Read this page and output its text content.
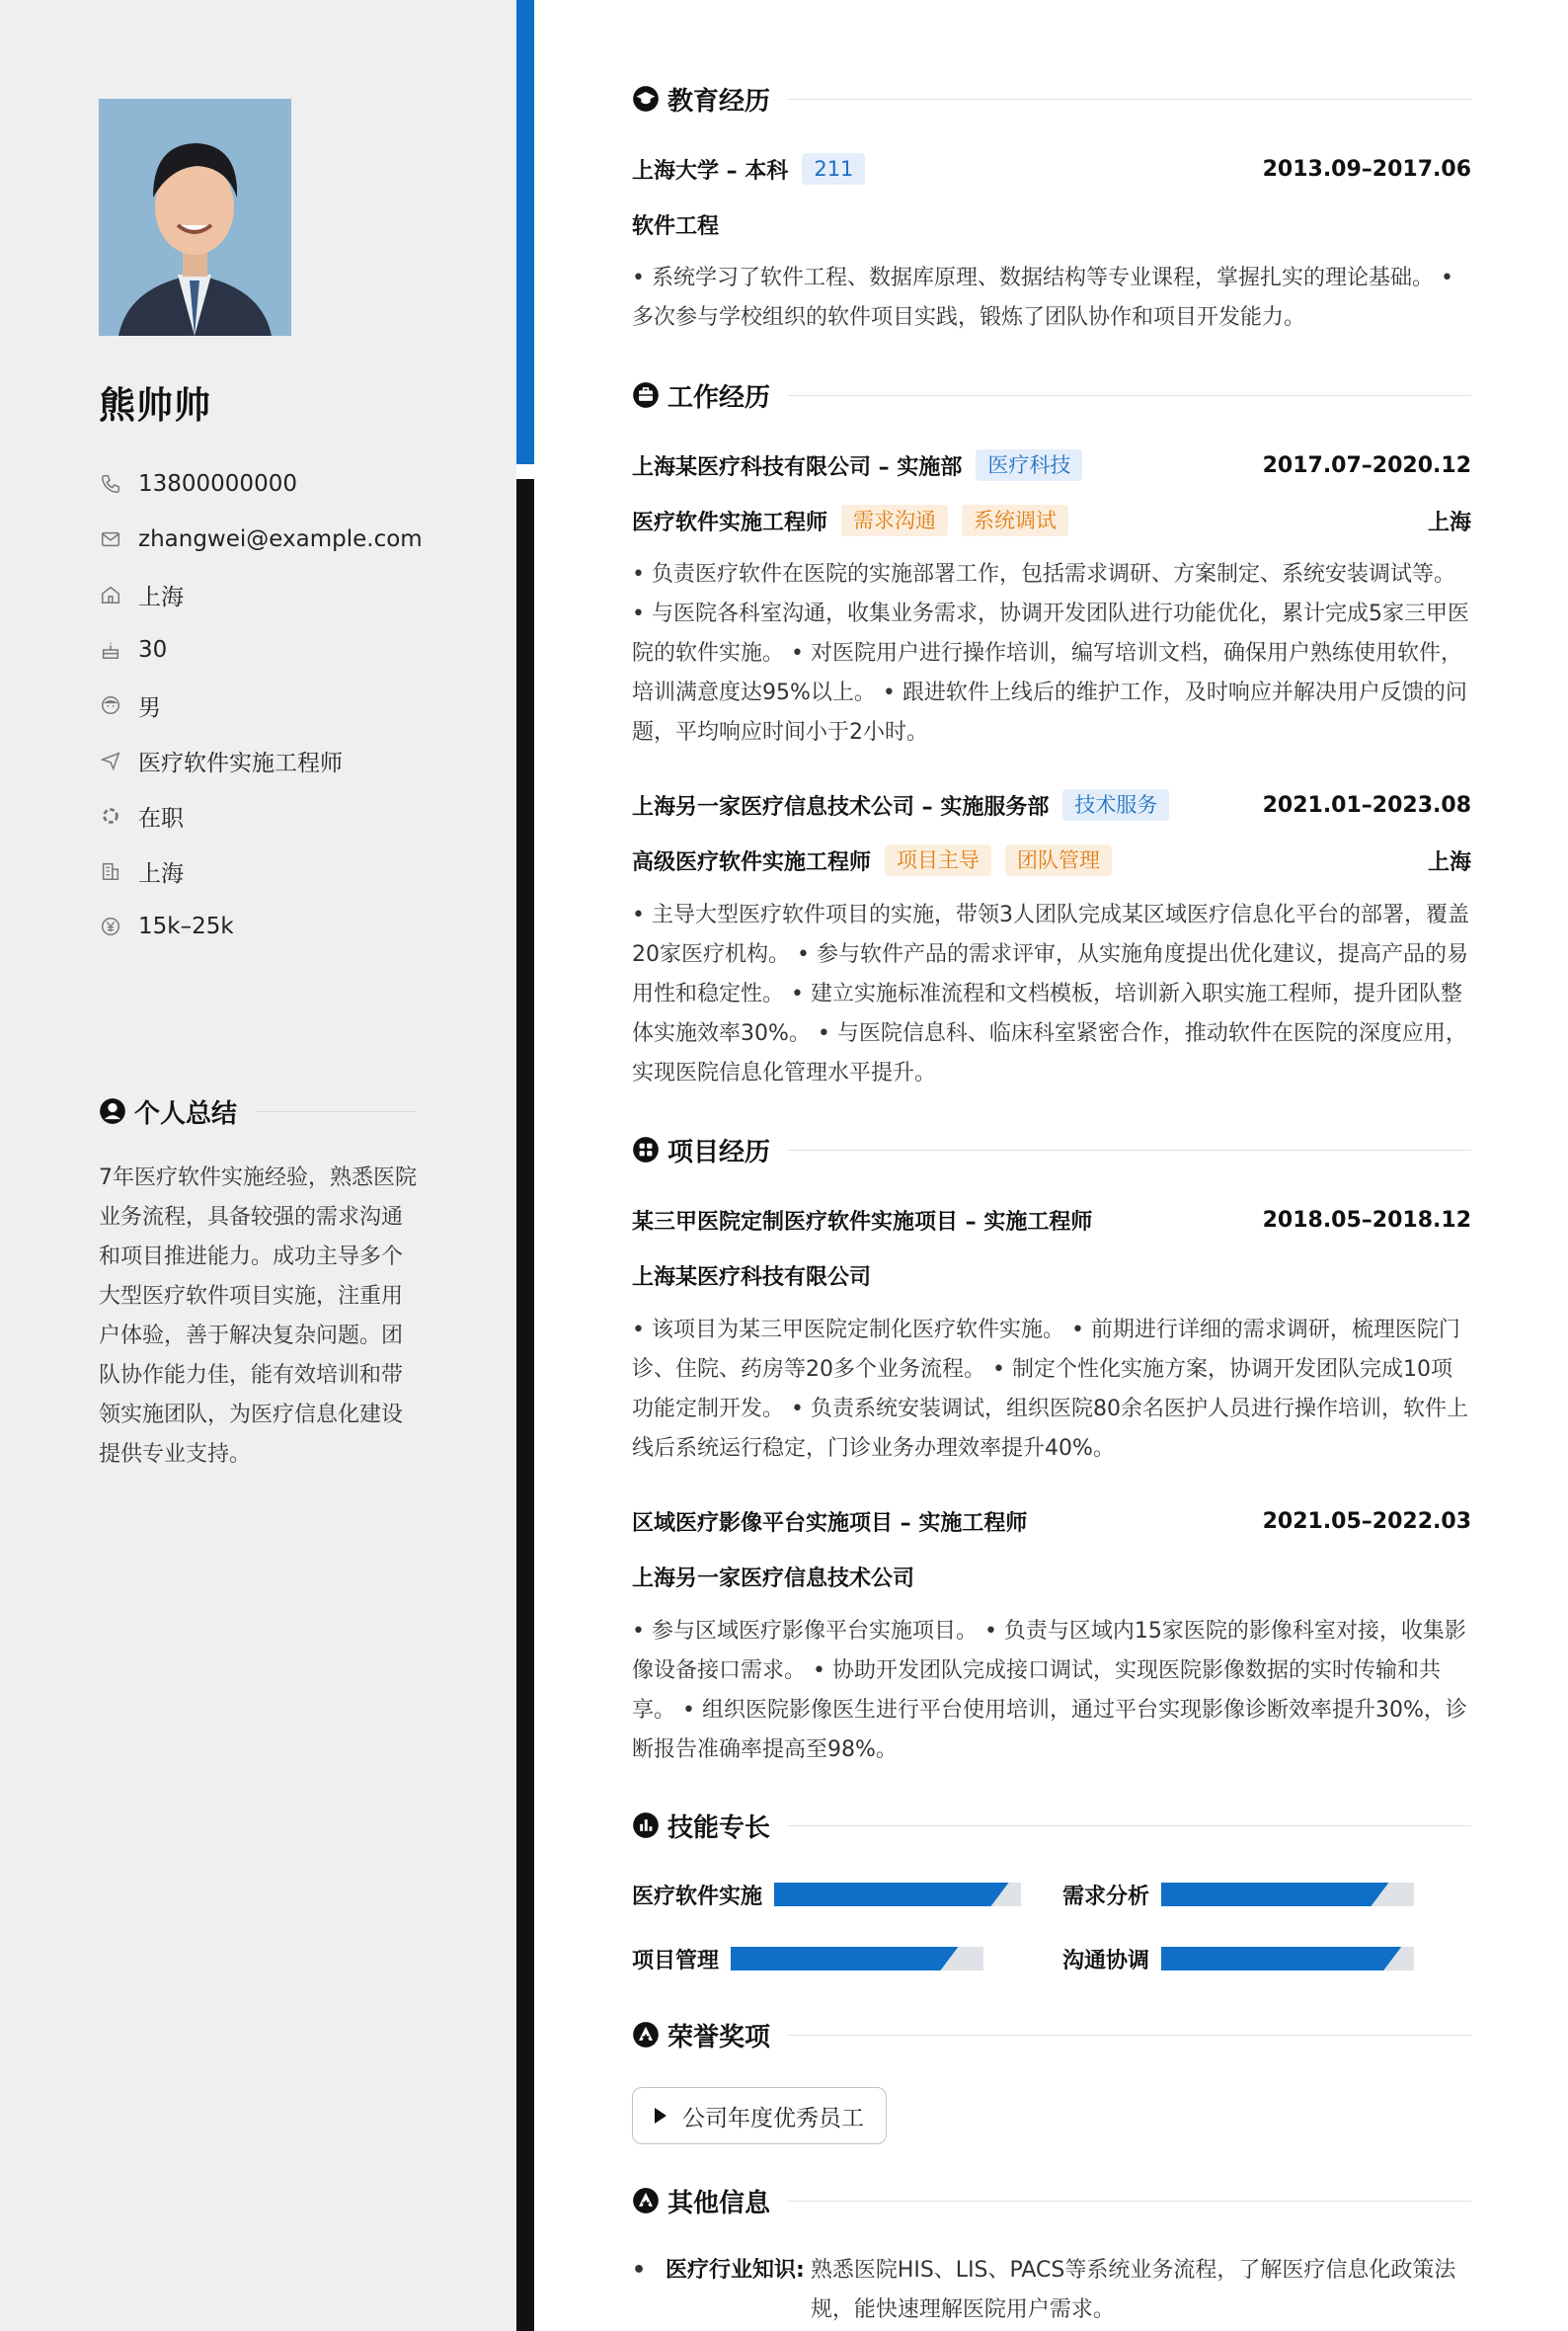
熊帅帅
13800000000
zhangwei@example.com
上海
30
男
医疗软件实施工程师
在职
上海
15k–25k
个人总结
7年医疗软件实施经验，熟悉医院业务流程，具备较强的需求沟通和项目推进能力。成功主导多个大型医疗软件项目实施，注重用户体验，善于解决复杂问题。团队协作能力佳，能有效培训和带领实施团队，为医疗信息化建设提供专业支持。
教育经历
上海大学 – 本科	211	2013.09–2017.06
软件工程
• 系统学习了软件工程、数据库原理、数据结构等专业课程，掌握扎实的理论基础。 • 多次参与学校组织的软件项目实践，锻炼了团队协作和项目开发能力。
工作经历
上海某医疗科技有限公司 – 实施部	医疗科技	2017.07–2020.12
医疗软件实施工程师	需求沟通	系统调试	上海
• 负责医疗软件在医院的实施部署工作，包括需求调研、方案制定、系统安装调试等。 • 与医院各科室沟通，收集业务需求，协调开发团队进行功能优化，累计完成5家三甲医院的软件实施。 • 对医院用户进行操作培训，编写培训文档，确保用户熟练使用软件，培训满意度达95%以上。 • 跟进软件上线后的维护工作，及时响应并解决用户反馈的问题，平均响应时间小于2小时。
上海另一家医疗信息技术公司 – 实施服务部	技术服务	2021.01–2023.08
高级医疗软件实施工程师	项目主导	团队管理	上海
• 主导大型医疗软件项目的实施，带领3人团队完成某区域医疗信息化平台的部署，覆盖20家医疗机构。 • 参与软件产品的需求评审，从实施角度提出优化建议，提高产品的易用性和稳定性。 • 建立实施标准流程和文档模板，培训新入职实施工程师，提升团队整体实施效率30%。 • 与医院信息科、临床科室紧密合作，推动软件在医院的深度应用，实现医院信息化管理水平提升。
项目经历
某三甲医院定制医疗软件实施项目 – 实施工程师	2018.05–2018.12
上海某医疗科技有限公司
• 该项目为某三甲医院定制化医疗软件实施。 • 前期进行详细的需求调研，梳理医院门诊、住院、药房等20多个业务流程。 • 制定个性化实施方案，协调开发团队完成10项功能定制开发。 • 负责系统安装调试，组织医院80余名医护人员进行操作培训，软件上线后系统运行稳定，门诊业务办理效率提升40%。
区域医疗影像平台实施项目 – 实施工程师	2021.05–2022.03
上海另一家医疗信息技术公司
• 参与区域医疗影像平台实施项目。 • 负责与区域内15家医院的影像科室对接，收集影像设备接口需求。 • 协助开发团队完成接口调试，实现医院影像数据的实时传输和共享。 • 组织医院影像医生进行平台使用培训，通过平台实现影像诊断效率提升30%，诊断报告准确率提高至98%。
技能专长
医疗软件实施	需求分析
项目管理	沟通协调
荣誉奖项
公司年度优秀员工
其他信息
• 医疗行业知识: 熟悉医院HIS、LIS、PACS等系统业务流程，了解医疗信息化政策法规，能快速理解医院用户需求。
